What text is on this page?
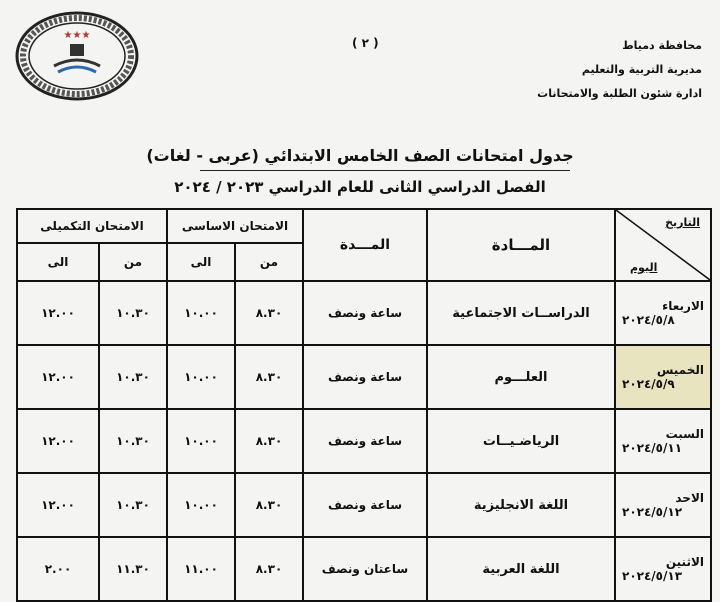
★★★
( ٢ )	محافظة دمياط
مديرية التربية والتعليم
ادارة شئون الطلبة والامتحانات
جدول امتحانات الصف الخامس الابتدائي (عربى - لغات)
الفصل الدراسي الثانى للعام الدراسي ٢٠٢٣ / ٢٠٢٤
التاريخ
اليوم	المـــادة	المـــدة	الامتحان الاساسى		الامتحان التكميلى	
			من	الى	من	الى

الاربعاء
٢٠٢٤/٥/٨	الدراســات الاجتماعية	ساعة ونصف	٨.٣٠	١٠.٠٠	١٠.٣٠	١٢.٠٠

الخميس
٢٠٢٤/٥/٩	العلـــوم	ساعة ونصف	٨.٣٠	١٠.٠٠	١٠.٣٠	١٢.٠٠

السبت
٢٠٢٤/٥/١١	الرياضـيــات	ساعة ونصف	٨.٣٠	١٠.٠٠	١٠.٣٠	١٢.٠٠

الاحد
٢٠٢٤/٥/١٢	اللغة الانجليزية	ساعة ونصف	٨.٣٠	١٠.٠٠	١٠.٣٠	١٢.٠٠

الاثنين
٢٠٢٤/٥/١٣	اللغة العربية	ساعتان ونصف	٨.٣٠	١١.٠٠	١١.٣٠	٢.٠٠
